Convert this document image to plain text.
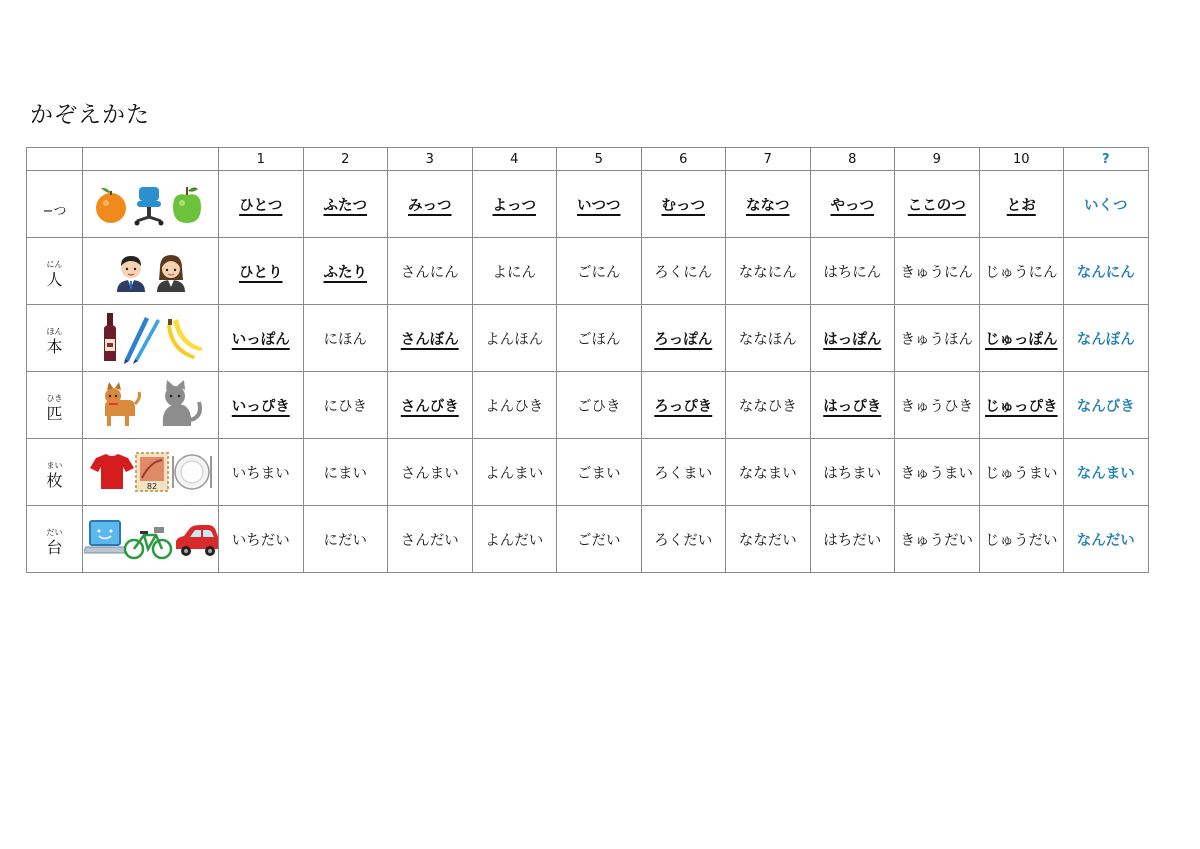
かぞえかた
		1	2	3	4	5	6	7	8	9	10	?

−つ		ひとつ	ふたつ	みっつ	よっつ	いつつ	むっつ	ななつ	やっつ	ここのつ	とお	いくつ

にん
人		ひとり	ふたり	さんにん	よにん	ごにん	ろくにん	ななにん	はちにん	きゅうにん	じゅうにん	なんにん

ほん
本		いっぽん	にほん	さんぼん	よんほん	ごほん	ろっぽん	ななほん	はっぽん	きゅうほん	じゅっぽん	なんぼん

ひき
匹		いっぴき	にひき	さんびき	よんひき	ごひき	ろっぴき	ななひき	はっぴき	きゅうひき	じゅっぴき	なんびき

まい
枚	82	いちまい	にまい	さんまい	よんまい	ごまい	ろくまい	ななまい	はちまい	きゅうまい	じゅうまい	なんまい

だい
台		いちだい	にだい	さんだい	よんだい	ごだい	ろくだい	ななだい	はちだい	きゅうだい	じゅうだい	なんだい
